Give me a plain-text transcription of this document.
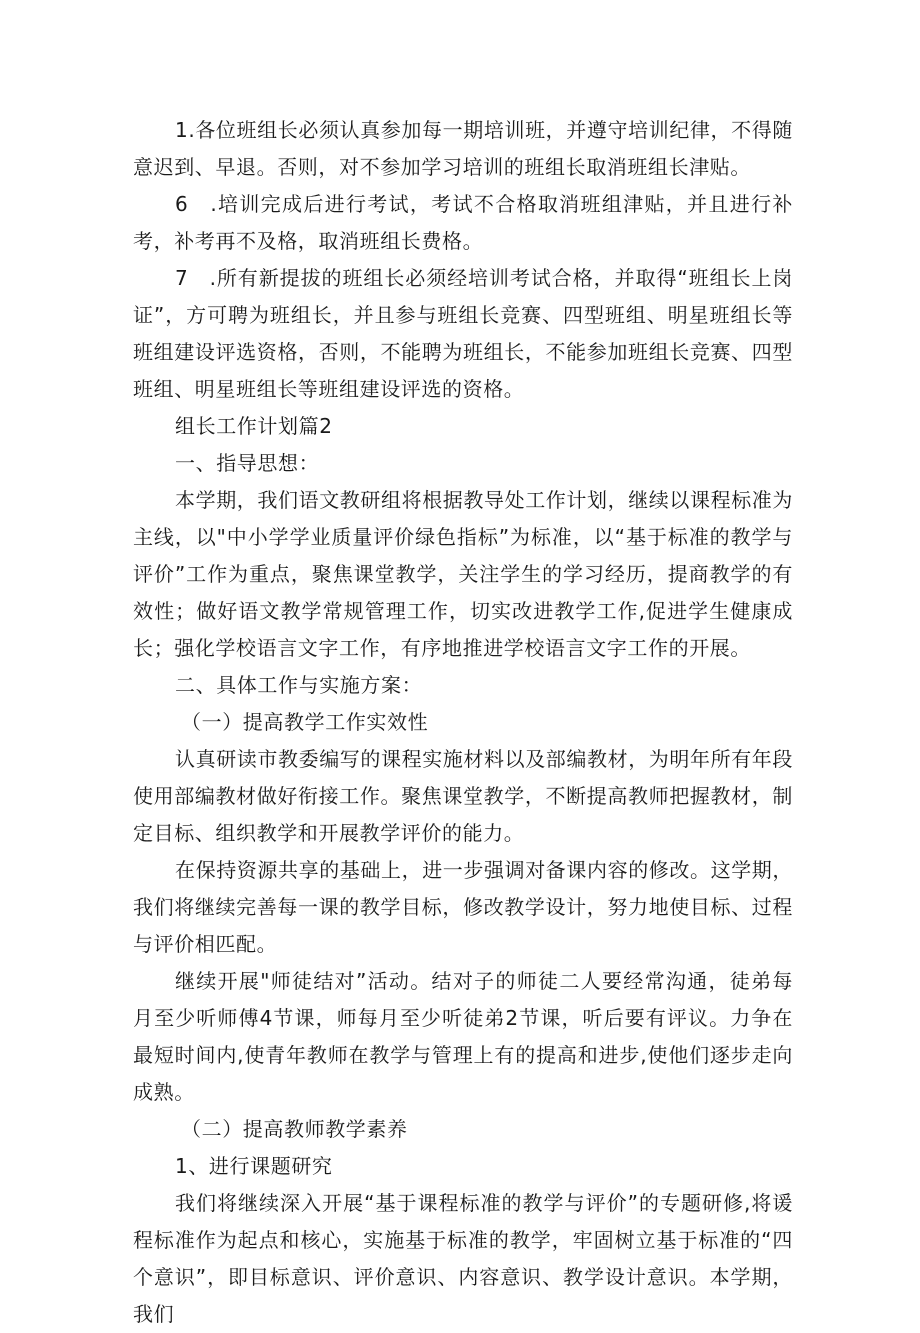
1.各位班组长必须认真参加每一期培训班，并遵守培训纪律，不得随意迟到、早退。否则，对不参加学习培训的班组长取消班组长津贴。

6　.培训完成后进行考试，考试不合格取消班组津贴，并且进行补考，补考再不及格，取消班组长费格。

7　.所有新提拔的班组长必须经培训考试合格，并取得“班组长上岗证”，方可聘为班组长，并且参与班组长竞赛、四型班组、明星班组长等班组建设评选资格，否则，不能聘为班组长，不能参加班组长竞赛、四型班组、明星班组长等班组建设评选的资格。

组长工作计划篇2

一、指导思想：

本学期，我们语文教研组将根据教导处工作计划，继续以课程标准为主线，以"中小学学业质量评价绿色指标”为标准，以“基于标准的教学与评价”工作为重点，聚焦课堂教学，关注学生的学习经历，提商教学的有效性；做好语文教学常规管理工作，切实改进教学工作,促进学生健康成长；强化学校语言文字工作，有序地推进学校语言文字工作的开展。

二、具体工作与实施方案：

（一）提高教学工作实效性

认真研读市教委编写的课程实施材料以及部编教材，为明年所有年段使用部编教材做好衔接工作。聚焦课堂教学，不断提高教师把握教材，制定目标、组织教学和开展教学评价的能力。

在保持资源共享的基础上，进一步强调对备课内容的修改。这学期，我们将继续完善每一课的教学目标，修改教学设计，努力地使目标、过程与评价相匹配。

继续开展"师徒结对”活动。结对子的师徒二人要经常沟通，徒弟每月至少听师傅4节课，师每月至少听徒弟2节课，听后要有评议。力争在最短时间内,使青年教师在教学与管理上有的提高和进步,使他们逐步走向成熟。

（二）提高教师教学素养

1、进行课题研究

我们将继续深入开展“基于课程标准的教学与评价”的专题研修,将谖程标准作为起点和核心，实施基于标准的教学，牢固树立基于标准的“四个意识”，即目标意识、评价意识、内容意识、教学设计意识。本学期，我们
